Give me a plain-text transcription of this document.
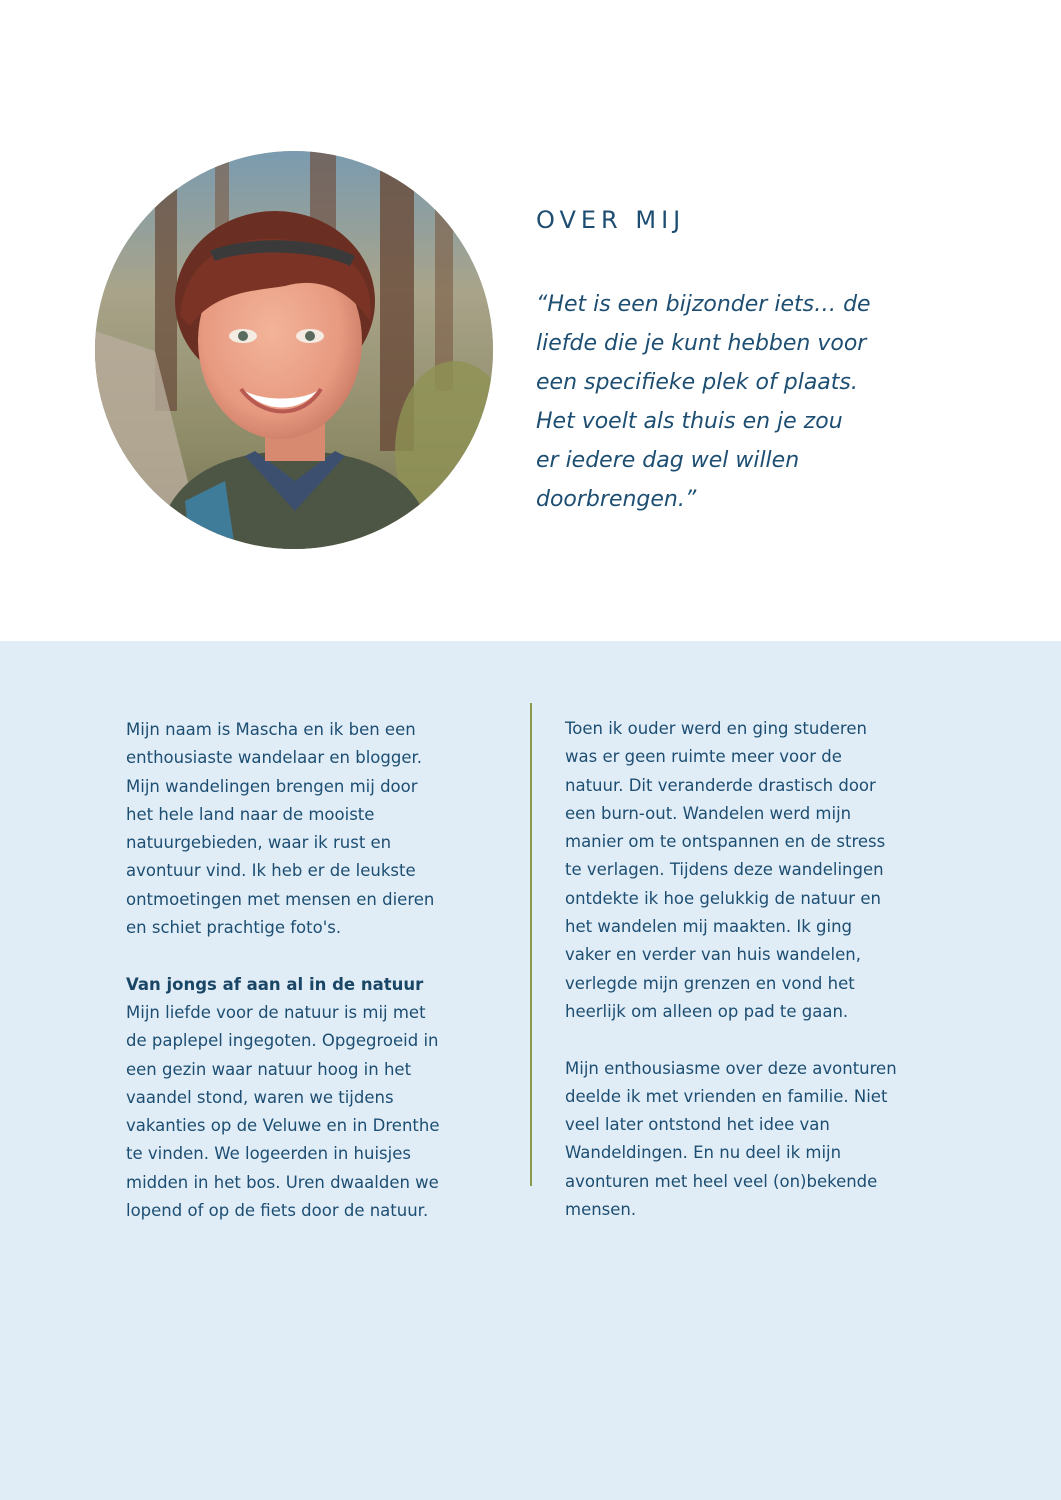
OVER MIJ

“Het is een bijzonder iets… de
liefde die je kunt hebben voor
een specifieke plek of plaats.
Het voelt als thuis en je zou
er iedere dag wel willen
doorbrengen.”

Mijn naam is Mascha en ik ben een
enthousiaste wandelaar en blogger.
Mijn wandelingen brengen mij door
het hele land naar de mooiste
natuurgebieden, waar ik rust en
avontuur vind. Ik heb er de leukste
ontmoetingen met mensen en dieren
en schiet prachtige foto's.
Van jongs af aan al in de natuur
Mijn liefde voor de natuur is mij met
de paplepel ingegoten. Opgegroeid in
een gezin waar natuur hoog in het
vaandel stond, waren we tijdens
vakanties op de Veluwe en in Drenthe
te vinden. We logeerden in huisjes
midden in het bos. Uren dwaalden we
lopend of op de fiets door de natuur.
Toen ik ouder werd en ging studeren
was er geen ruimte meer voor de
natuur. Dit veranderde drastisch door
een burn-out. Wandelen werd mijn
manier om te ontspannen en de stress
te verlagen. Tijdens deze wandelingen
ontdekte ik hoe gelukkig de natuur en
het wandelen mij maakten. Ik ging
vaker en verder van huis wandelen,
verlegde mijn grenzen en vond het
heerlijk om alleen op pad te gaan.
Mijn enthousiasme over deze avonturen
deelde ik met vrienden en familie. Niet
veel later ontstond het idee van
Wandeldingen. En nu deel ik mijn
avonturen met heel veel (on)bekende
mensen.
